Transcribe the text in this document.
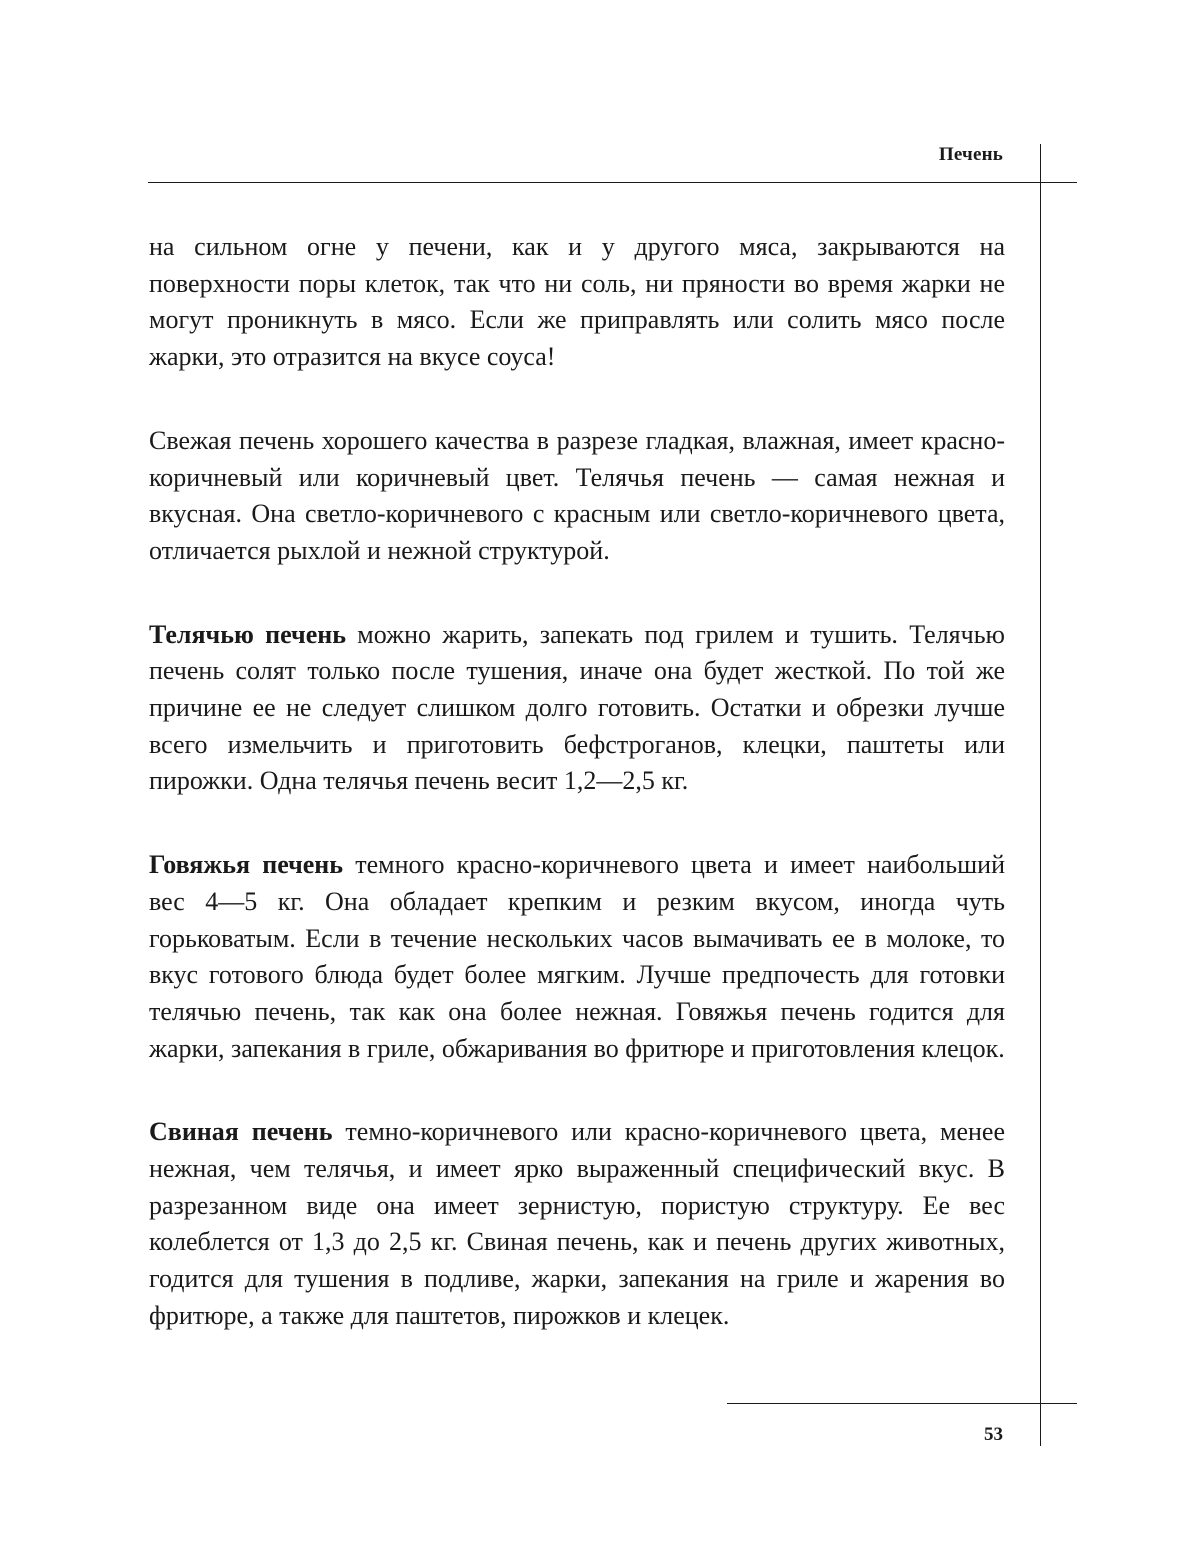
Печень

на сильном огне у печени, как и у другого мяса, закрываются на поверхности поры клеток, так что ни соль, ни пряности во время жарки не могут проникнуть в мясо. Если же приправлять или солить мясо после жарки, это отразится на вкусе соуса!

Свежая печень хорошего качества в разрезе гладкая, влажная, имеет красно-коричневый или коричневый цвет. Телячья печень — самая нежная и вкусная. Она светло-коричневого с красным или светло-коричневого цвета, отличается рыхлой и нежной структурой.

Телячью печень можно жарить, запекать под грилем и тушить. Телячью печень солят только после тушения, иначе она будет жесткой. По той же причине ее не следует слишком долго готовить. Остатки и обрезки лучше всего измельчить и приготовить бефстроганов, клецки, паштеты или пирожки. Одна телячья печень весит 1,2—2,5 кг.

Говяжья печень темного красно-коричневого цвета и имеет наибольший вес 4—5 кг. Она обладает крепким и резким вкусом, иногда чуть горьковатым. Если в течение нескольких часов вымачивать ее в молоке, то вкус готового блюда будет более мягким. Лучше предпочесть для готовки телячью печень, так как она более нежная. Говяжья печень годится для жарки, запекания в гриле, обжаривания во фритюре и приготовления клецок.

Свиная печень темно-коричневого или красно-коричневого цвета, менее нежная, чем телячья, и имеет ярко выраженный специфический вкус. В разрезанном виде она имеет зернистую, пористую структуру. Ее вес колеблется от 1,3 до 2,5 кг. Свиная печень, как и печень других животных, годится для тушения в подливе, жарки, запекания на гриле и жарения во фритюре, а также для паштетов, пирожков и клецек.

53
